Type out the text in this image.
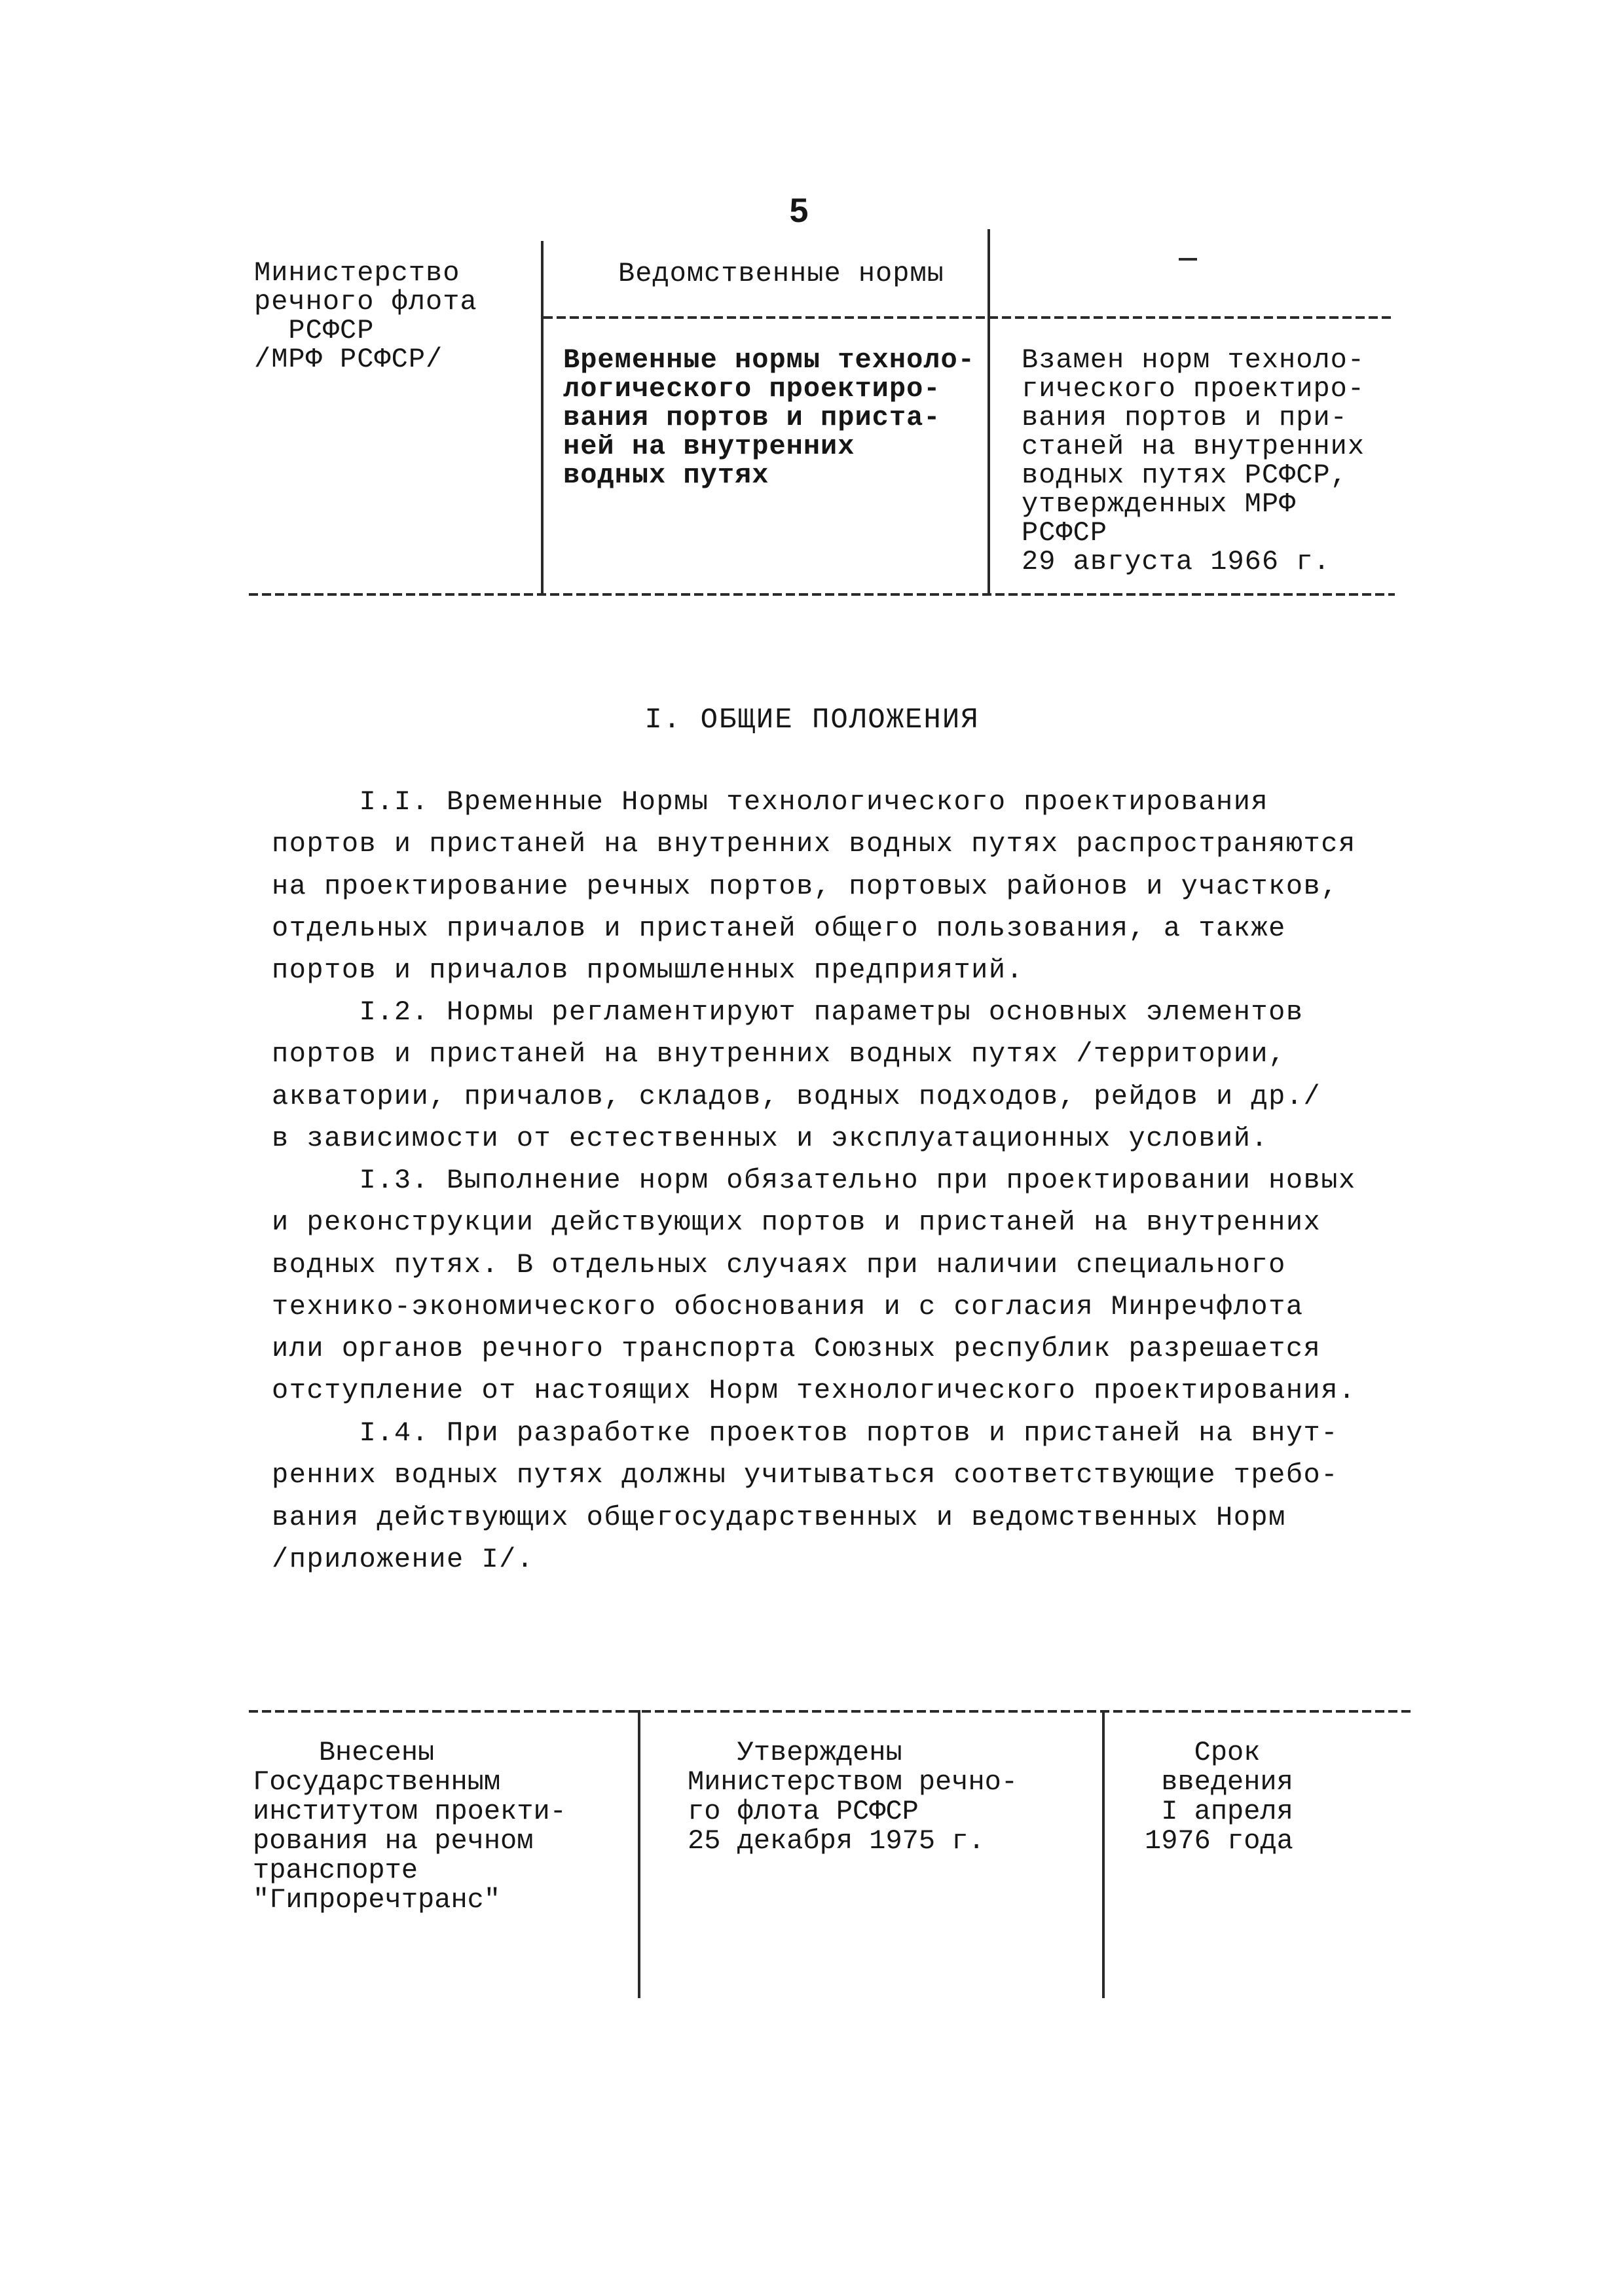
5
Министерство
речного флота
РСФСР
/МРФ РСФСР/
Ведомственные нормы
Временные нормы техноло-
логического проектиро-
вания портов и приста-
ней на внутренних
водных путях
Взамен норм техноло-
гического проектиро-
вания портов и при-
станей на внутренних
водных путях РСФСР,
утвержденных МРФ
РСФСР
29 августа 1966 г.
I. ОБЩИЕ ПОЛОЖЕНИЯ
I.I. Временные Нормы технологического проектирования
портов и пристаней на внутренних водных путях распространяются
на проектирование речных портов, портовых районов и участков,
отдельных причалов и пристаней общего пользования, а также
портов и причалов промышленных предприятий.
I.2. Нормы регламентируют параметры основных элементов
портов и пристаней на внутренних водных путях /территории,
акватории, причалов, складов, водных подходов, рейдов и др./
в зависимости от естественных и эксплуатационных условий.
I.3. Выполнение норм обязательно при проектировании новых
и реконструкции действующих портов и пристаней на внутренних
водных путях. В отдельных случаях при наличии специального
технико-экономического обоснования и с согласия Минречфлота
или органов речного транспорта Союзных республик разрешается
отступление от настоящих Норм технологического проектирования.
I.4. При разработке проектов портов и пристаней на внут-
ренних водных путях должны учитываться соответствующие требо-
вания действующих общегосударственных и ведомственных Норм
/приложение I/.
Внесены
Государственным
институтом проекти-
рования на речном
транспорте
"Гипроречтранс"
Утверждены
Министерством речно-
го флота РСФСР
25 декабря 1975 г.
Срок
введения
I апреля
1976 года
